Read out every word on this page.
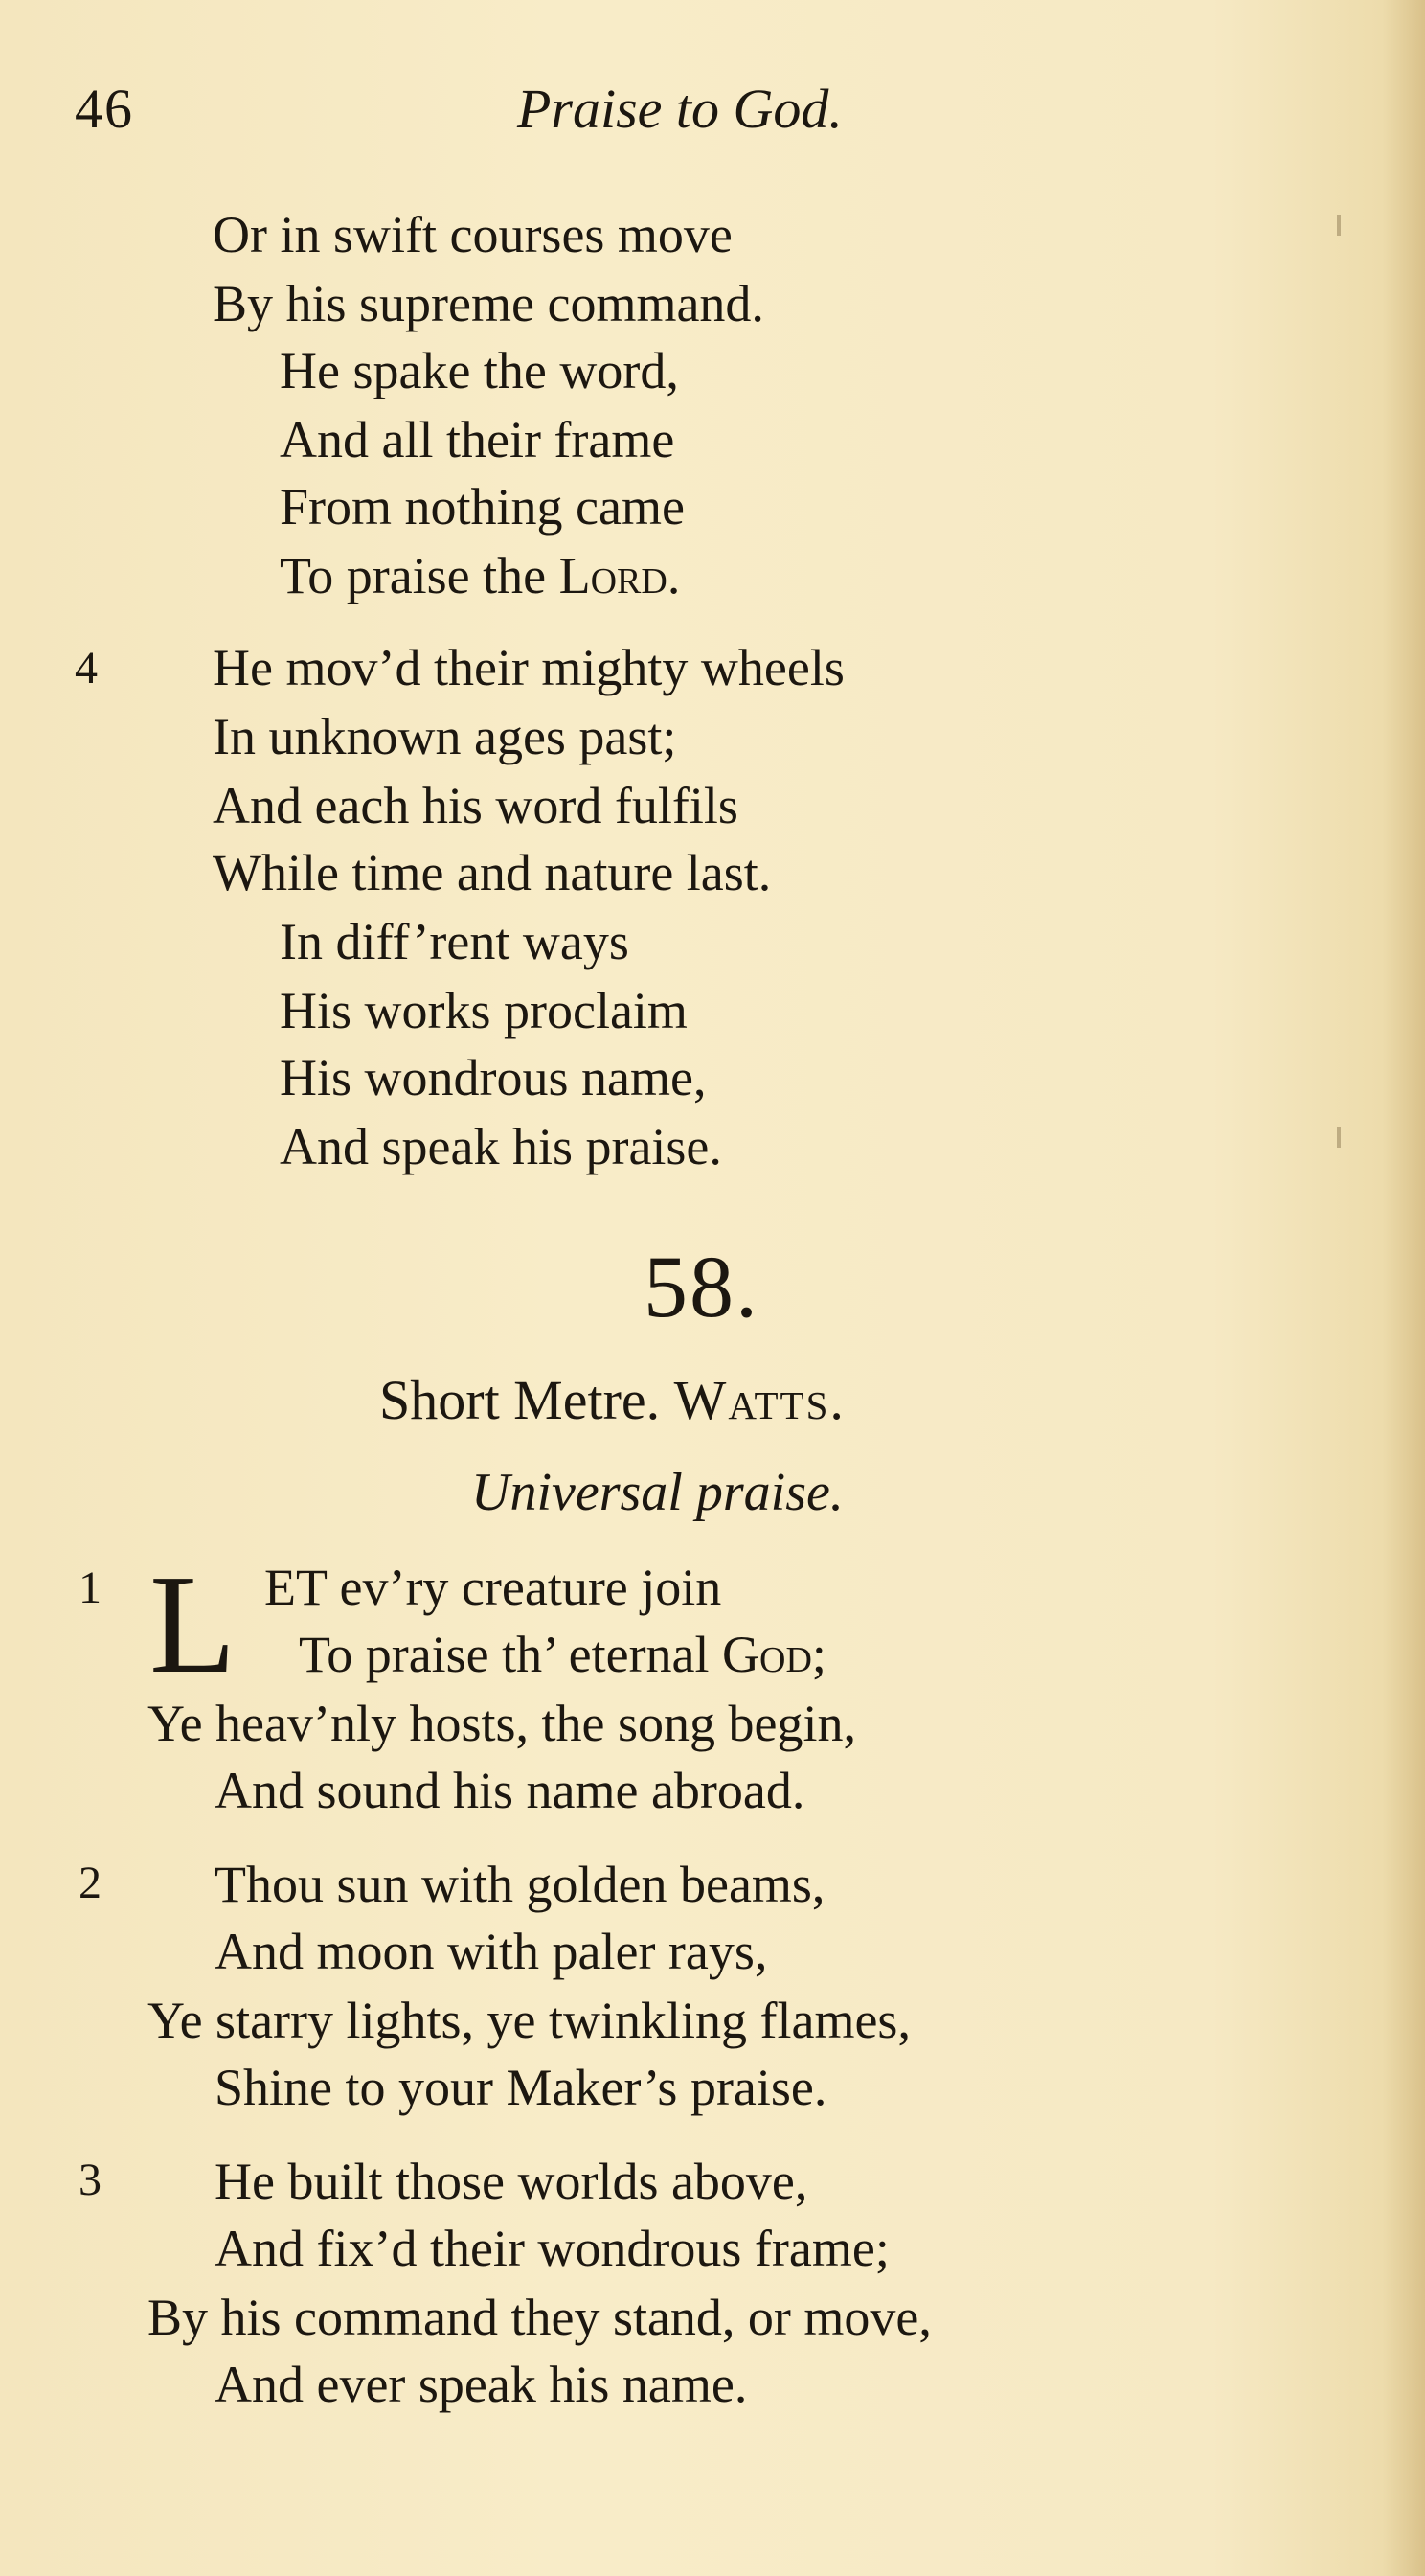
46	Praise to God.
Or in swift courses move
By his supreme command.
He spake the word,
And all their frame
From nothing came
To praise the Lord.
4 He mov’d their mighty wheels
In unknown ages past;
And each his word fulfils
While time and nature last.
In diff’rent ways
His works proclaim
His wondrous name,
And speak his praise.
58.
Short Metre. Watts.
Universal praise.
1 L ET ev’ry creature join
To praise th’ eternal God;
Ye heav’nly hosts, the song begin,
And sound his name abroad.
2 Thou sun with golden beams,
And moon with paler rays,
Ye starry lights, ye twinkling flames,
Shine to your Maker’s praise.
3 He built those worlds above,
And fix’d their wondrous frame;
By his command they stand, or move,
And ever speak his name.
